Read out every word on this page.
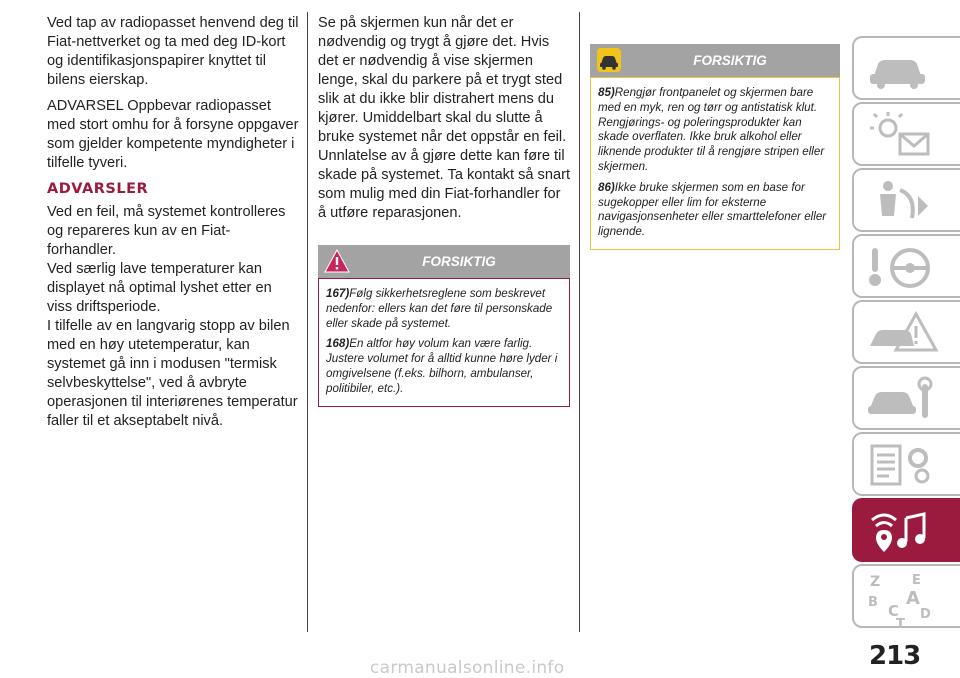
Ved tap av radiopasset henvend deg til Fiat-nettverket og ta med deg ID-kort og identifikasjonspapirer knyttet til bilens eierskap.

ADVARSEL Oppbevar radiopasset med stort omhu for å forsyne oppgaver som gjelder kompetente myndigheter i tilfelle tyveri.

ADVARSLER

Ved en feil, må systemet kontrolleres og repareres kun av en Fiat-forhandler.

Ved særlig lave temperaturer kan displayet nå optimal lyshet etter en viss driftsperiode.

I tilfelle av en langvarig stopp av bilen med en høy utetemperatur, kan systemet gå inn i modusen "termisk selvbeskyttelse", ved å avbryte operasjonen til interiørenes temperatur faller til et akseptabelt nivå.

Se på skjermen kun når det er nødvendig og trygt å gjøre det. Hvis det er nødvendig å vise skjermen lenge, skal du parkere på et trygt sted slik at du ikke blir distrahert mens du kjører. Umiddelbart skal du slutte å bruke systemet når det oppstår en feil. Unnlatelse av å gjøre dette kan føre til skade på systemet. Ta kontakt så snart som mulig med din Fiat-forhandler for å utføre reparasjonen.

FORSIKTIG

167)Følg sikkerhetsreglene som beskrevet nedenfor: ellers kan det føre til personskade eller skade på systemet.

168)En altfor høy volum kan være farlig. Justere volumet for å alltid kunne høre lyder i omgivelsene (f.eks. bilhorn, ambulanser, politibiler, etc.).

FORSIKTIG

85)Rengjør frontpanelet og skjermen bare med en myk, ren og tørr og antistatisk klut. Rengjørings- og poleringsprodukter kan skade overflaten. Ikke bruk alkohol eller liknende produkter til å rengjøre stripen eller skjermen.

86)Ikke bruke skjermen som en base for sugekopper eller lim for eksterne navigasjonsenheter eller smarttelefoner eller lignende.

Z E
B A
C D
T
213
carmanualsonline.info
